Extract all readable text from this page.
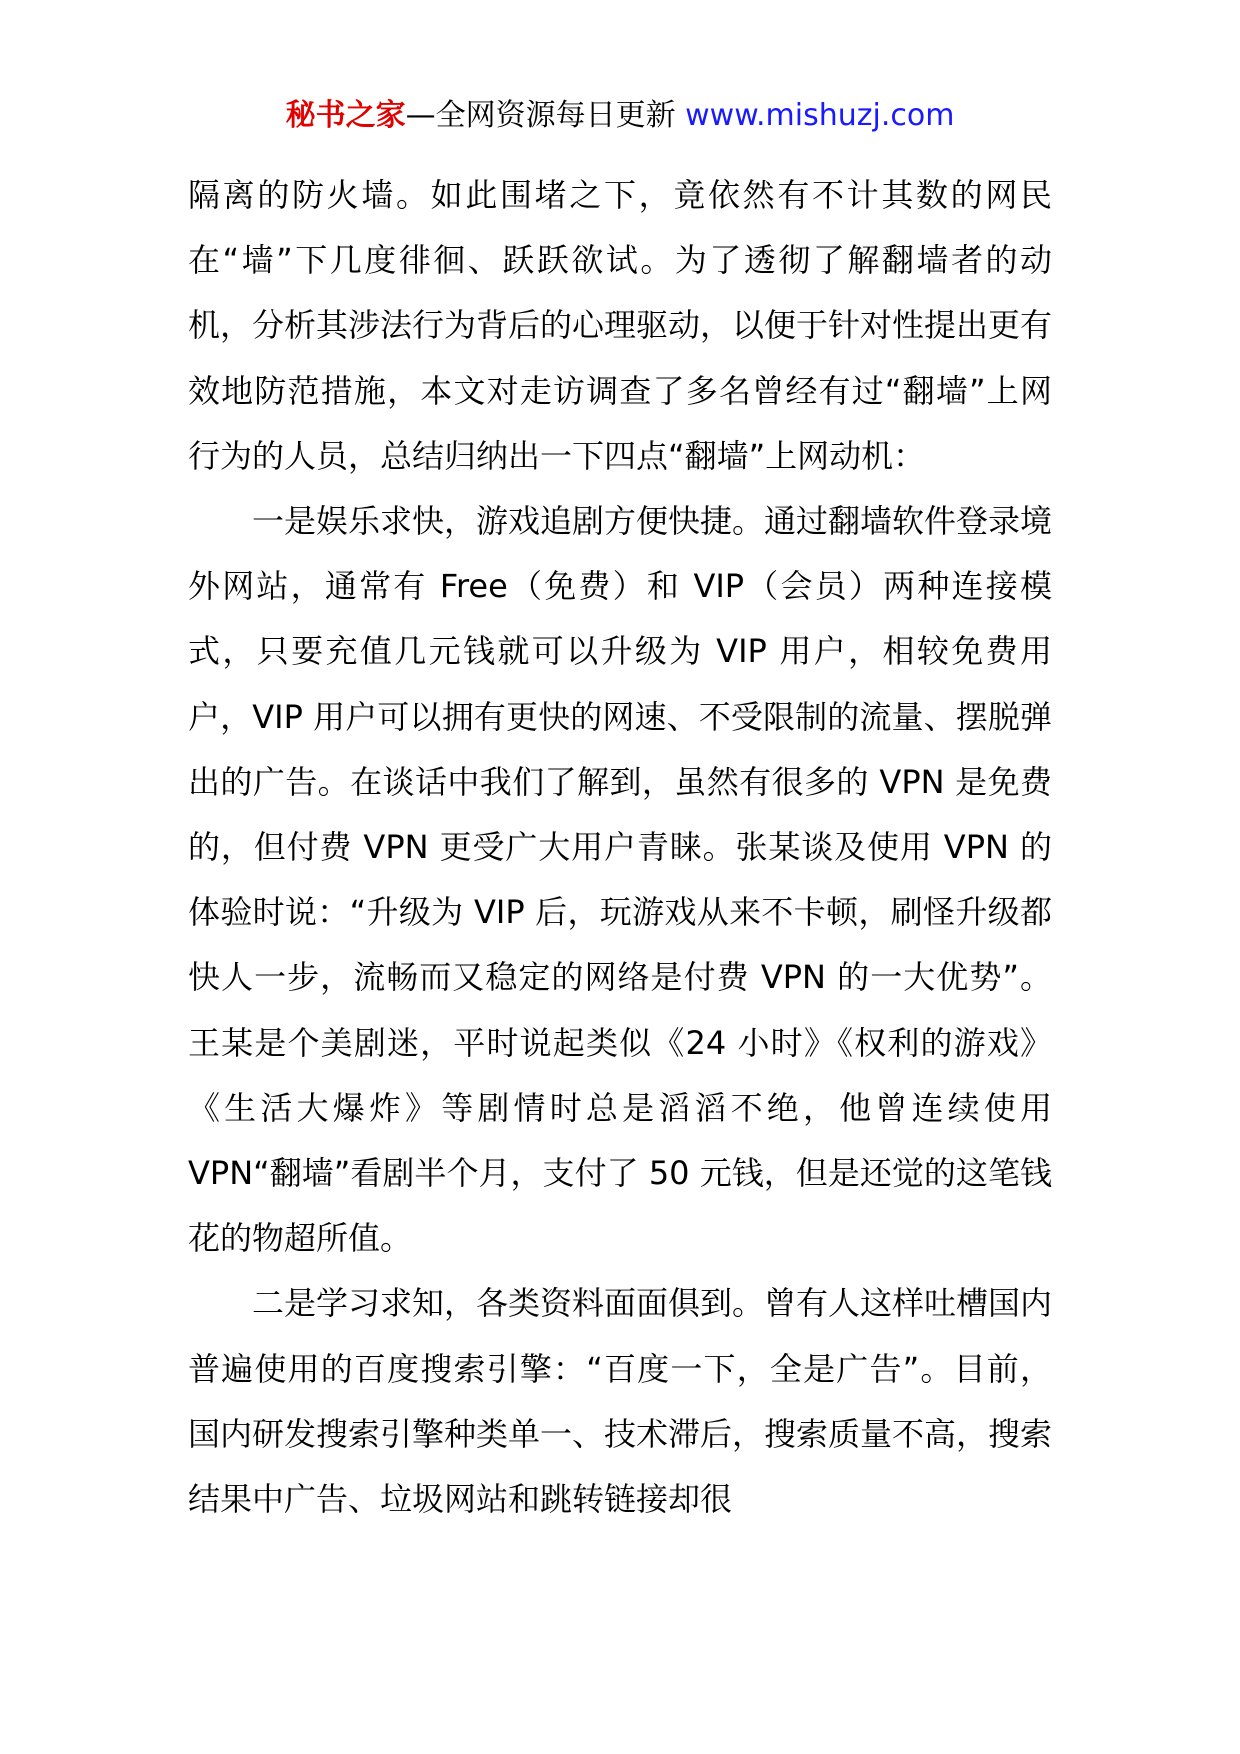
秘书之家—全网资源每日更新 www.mishuzj.com

隔离的防火墙。如此围堵之下，竟依然有不计其数的网民在“墙”下几度徘徊、跃跃欲试。为了透彻了解翻墙者的动机，分析其涉法行为背后的心理驱动，以便于针对性提出更有效地防范措施，本文对走访调查了多名曾经有过“翻墙”上网行为的人员，总结归纳出一下四点“翻墙”上网动机：

一是娱乐求快，游戏追剧方便快捷。通过翻墙软件登录境外网站，通常有 Free（免费）和 VIP（会员）两种连接模式，只要充值几元钱就可以升级为 VIP 用户，相较免费用户，VIP 用户可以拥有更快的网速、不受限制的流量、摆脱弹出的广告。在谈话中我们了解到，虽然有很多的 VPN 是免费的，但付费 VPN 更受广大用户青睐。张某谈及使用 VPN 的体验时说：“升级为 VIP 后，玩游戏从来不卡顿，刷怪升级都快人一步，流畅而又稳定的网络是付费 VPN 的一大优势”。王某是个美剧迷，平时说起类似《24 小时》《权利的游戏》《生活大爆炸》等剧情时总是滔滔不绝，他曾连续使用 VPN“翻墙”看剧半个月，支付了 50 元钱，但是还觉的这笔钱花的物超所值。

二是学习求知，各类资料面面俱到。曾有人这样吐槽国内普遍使用的百度搜索引擎：“百度一下，全是广告”。目前，国内研发搜索引擎种类单一、技术滞后，搜索质量不高，搜索结果中广告、垃圾网站和跳转链接却很
